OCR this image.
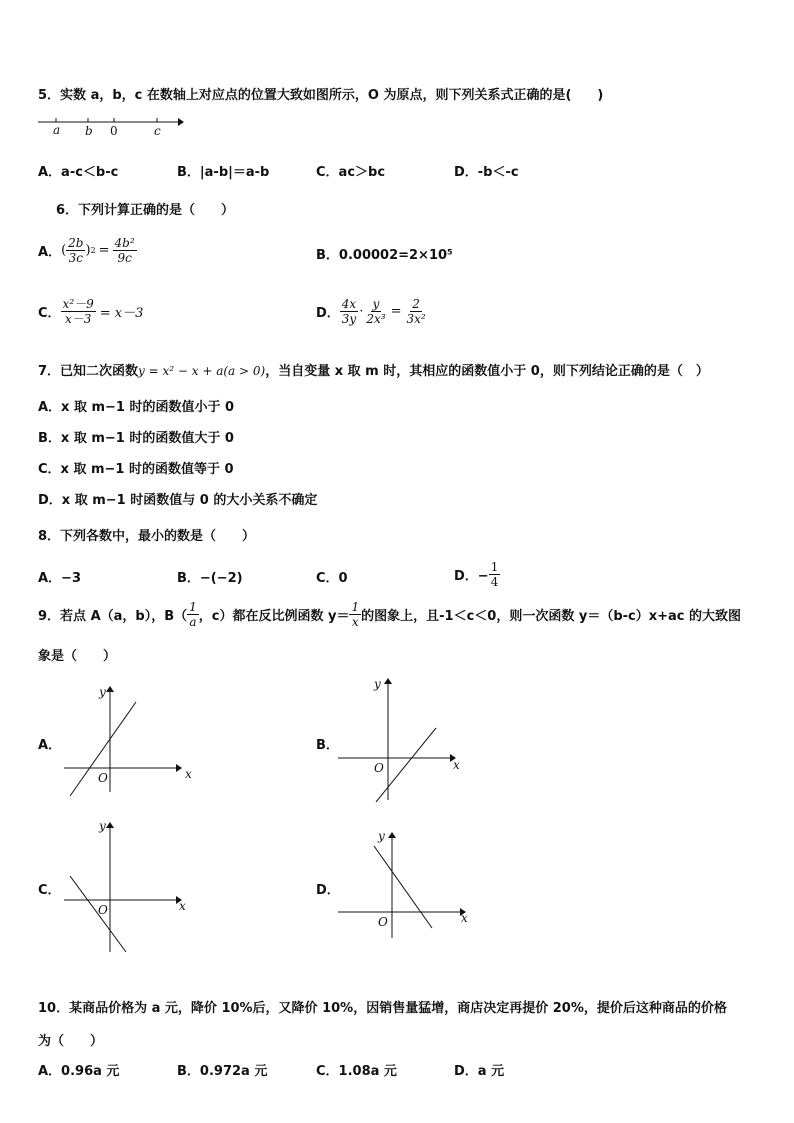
5．实数 a，b，c 在数轴上对应点的位置大致如图所示，O 为原点，则下列关系式正确的是(　　)
a b 0	c
A．a-c＜b-c	B．|a-b|＝a-b	C．ac＞bc	D．-b＜-c
6．下列计算正确的是（　　）
A． ( $\frac{2b}{3c}$ ) $2 = \frac{\text{4b²}}{9c}$	B．0.00002=2×10⁵
C． $\frac{\text{x²－9}}{x-3} = x-3$	D． $\frac{4x}{3y} \cdot \frac{y}{\text{2x³}} = \frac{2}{\text{3x²}}$
7．已知二次函数y = x² − x + a(a > 0)，当自变量 x 取 m 时，其相应的函数值小于 0，则下列结论正确的是（　）
A．x 取 m−1 时的函数值小于 0
B．x 取 m−1 时的函数值大于 0
C．x 取 m−1 时的函数值等于 0
D．x 取 m−1 时函数值与 0 的大小关系不确定
8．下列各数中，最小的数是（　　）
A．−3	B．−(−2)	C．0	D．− $\frac{1}{4}$
9．若点 A（a，b），$B( \frac{1}{a}$ ，c）都在反比例函数 $y= \frac{1}{x}$ 的图象上，且-1＜c＜0，则一次函数 y＝（b-c）x+ac 的大致图
象是（　　）
A．	B．
C．	D．
x
y
O
x
y
O
x
y
O
x
y
O
10．某商品价格为 a 元，降价 10%后，又降价 10%，因销售量猛增，商店决定再提价 20%，提价后这种商品的价格
为（　　）
A．0.96a 元	B．0.972a 元	C．1.08a 元	D．a 元
